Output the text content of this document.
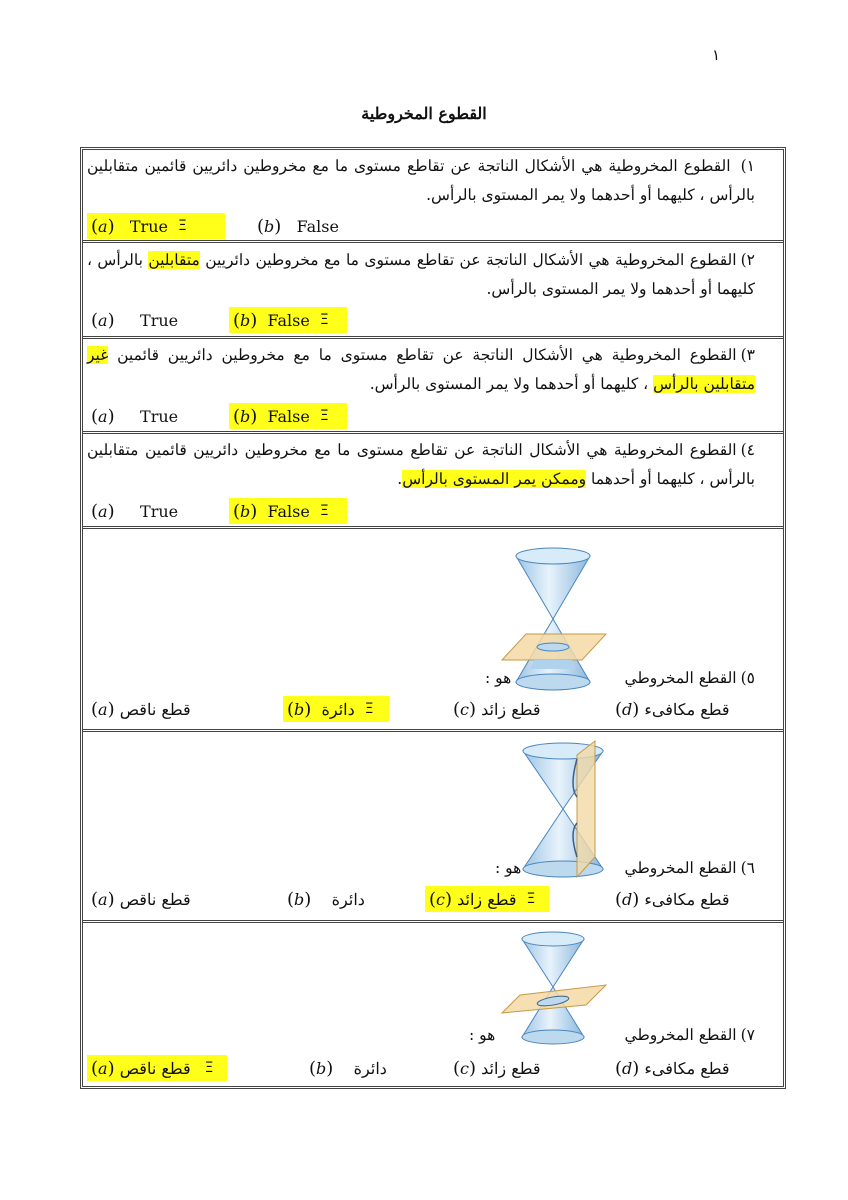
١
القطوع المخروطية
١) القطوع المخروطية هي الأشكال الناتجة عن تقاطع مستوى ما مع مخروطين دائريين قائمين متقابلين بالرأس ، كليهما أو أحدهما ولا يمر المستوى بالرأس.
( a )
True Ξ	( b )
False
٢)القطوع المخروطية هي الأشكال الناتجة عن تقاطع مستوى ما مع مخروطين دائريين متقابلين بالرأس ، كليهما أو أحدهما ولا يمر المستوى بالرأس.
( a )
True	( b )
False Ξ
٣)القطوع المخروطية هي الأشكال الناتجة عن تقاطع مستوى ما مع مخروطين دائريين قائمين غير متقابلين بالرأس ، كليهما أو أحدهما ولا يمر المستوى بالرأس.
( a )
True	( b )
False Ξ
٤)القطوع المخروطية هي الأشكال الناتجة عن تقاطع مستوى ما مع مخروطين دائريين قائمين متقابلين بالرأس ، كليهما أو أحدهما وممكن يمر المستوى بالرأس.
( a )
True	( b )
False Ξ
٥)القطع المخروطي
هو :
( d )
قطع مكافىء
( c )
قطع زائد
( b )
دائرة Ξ
( a )
قطع ناقص
٦)القطع المخروطي
هو :
( d )
قطع مكافىء
( c )
قطع زائد Ξ
( b )
دائرة
( a )
قطع ناقص
٧)القطع المخروطي
هو :
( d )
قطع مكافىء
( c )
قطع زائد
( b )
دائرة
( a )
قطع ناقص Ξ
